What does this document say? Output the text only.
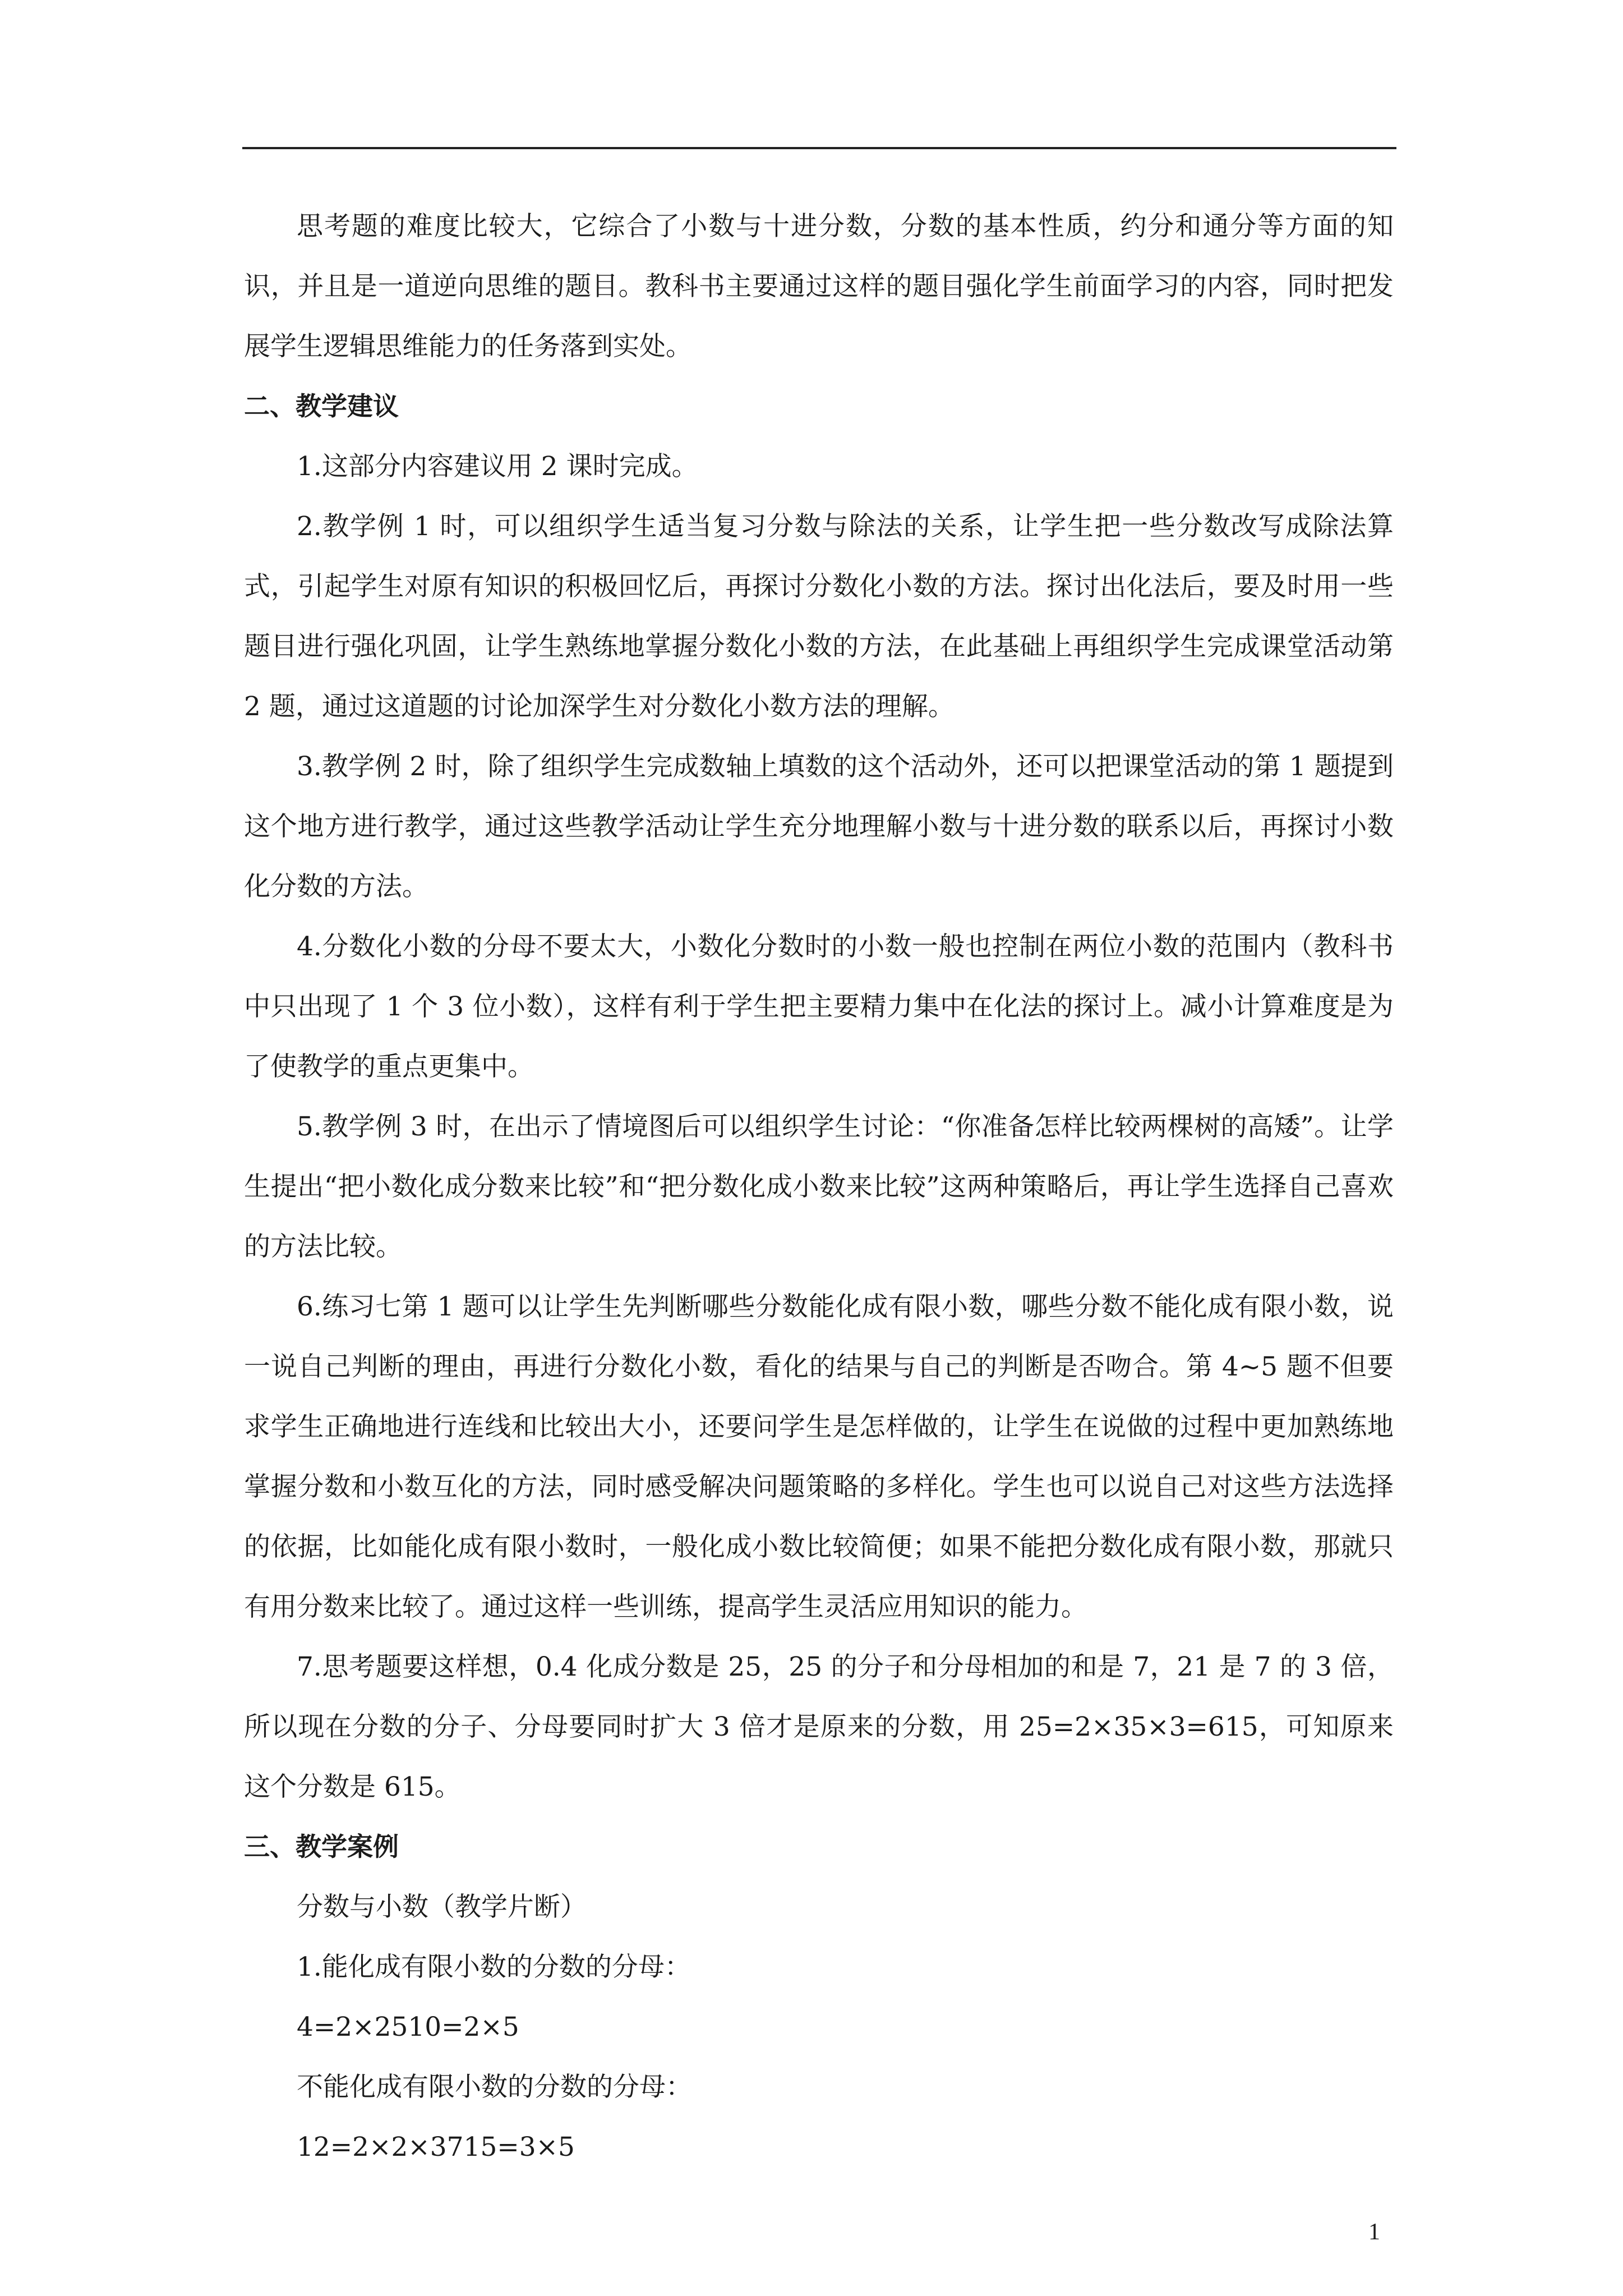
思考题的难度比较大，它综合了小数与十进分数，分数的基本性质，约分和通分等方面的知识，并且是一道逆向思维的题目。教科书主要通过这样的题目强化学生前面学习的内容，同时把发展学生逻辑思维能力的任务落到实处。

二、教学建议

1.这部分内容建议用 2 课时完成。

2.教学例 1 时，可以组织学生适当复习分数与除法的关系，让学生把一些分数改写成除法算式，引起学生对原有知识的积极回忆后，再探讨分数化小数的方法。探讨出化法后，要及时用一些题目进行强化巩固，让学生熟练地掌握分数化小数的方法，在此基础上再组织学生完成课堂活动第 2 题，通过这道题的讨论加深学生对分数化小数方法的理解。

3.教学例 2 时，除了组织学生完成数轴上填数的这个活动外，还可以把课堂活动的第 1 题提到这个地方进行教学，通过这些教学活动让学生充分地理解小数与十进分数的联系以后，再探讨小数化分数的方法。

4.分数化小数的分母不要太大，小数化分数时的小数一般也控制在两位小数的范围内（教科书中只出现了 1 个 3 位小数），这样有利于学生把主要精力集中在化法的探讨上。减小计算难度是为了使教学的重点更集中。

5.教学例 3 时，在出示了情境图后可以组织学生讨论：“你准备怎样比较两棵树的高矮”。让学生提出“把小数化成分数来比较”和“把分数化成小数来比较”这两种策略后，再让学生选择自己喜欢的方法比较。

6.练习七第 1 题可以让学生先判断哪些分数能化成有限小数，哪些分数不能化成有限小数，说一说自己判断的理由，再进行分数化小数，看化的结果与自己的判断是否吻合。第 4~5 题不但要求学生正确地进行连线和比较出大小，还要问学生是怎样做的，让学生在说做的过程中更加熟练地掌握分数和小数互化的方法，同时感受解决问题策略的多样化。学生也可以说自己对这些方法选择的依据，比如能化成有限小数时，一般化成小数比较简便；如果不能把分数化成有限小数，那就只有用分数来比较了。通过这样一些训练，提高学生灵活应用知识的能力。

7.思考题要这样想，0.4 化成分数是 25，25 的分子和分母相加的和是 7，21 是 7 的 3 倍，所以现在分数的分子、分母要同时扩大 3 倍才是原来的分数，用 25=2×35×3=615，可知原来这个分数是 615。

三、教学案例

分数与小数（教学片断）

1.能化成有限小数的分数的分母：

4=2×2510=2×5

不能化成有限小数的分数的分母：

12=2×2×3715=3×5

1
